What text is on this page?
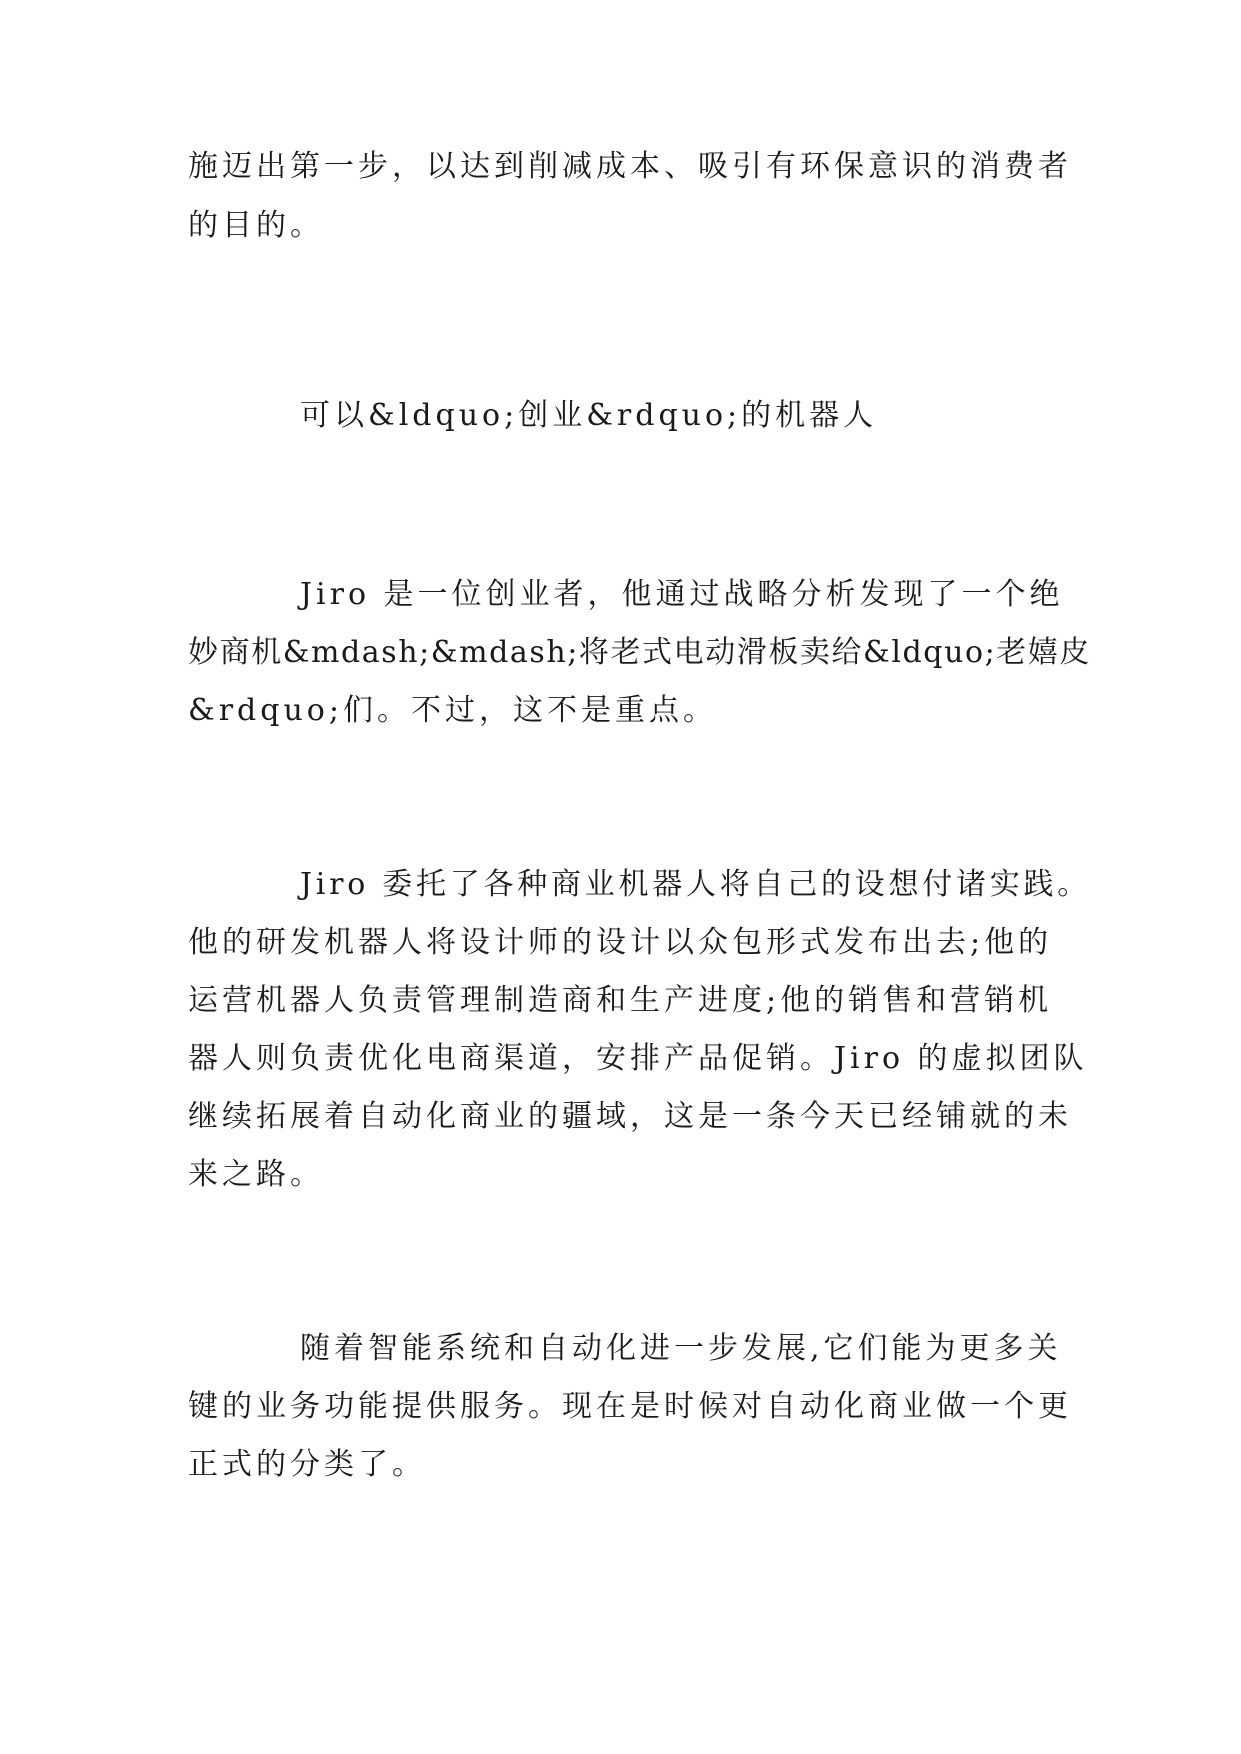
施迈出第一步，以达到削减成本、吸引有环保意识的消费者
的目的。
可以&ldquo;创业&rdquo;的机器人
Jiro 是一位创业者，他通过战略分析发现了一个绝
妙商机&mdash;&mdash;将老式电动滑板卖给&ldquo;老嬉皮
&rdquo;们。不过，这不是重点。
Jiro 委托了各种商业机器人将自己的设想付诸实践。
他的研发机器人将设计师的设计以众包形式发布出去;他的
运营机器人负责管理制造商和生产进度;他的销售和营销机
器人则负责优化电商渠道，安排产品促销。Jiro 的虚拟团队
继续拓展着自动化商业的疆域，这是一条今天已经铺就的未
来之路。
随着智能系统和自动化进一步发展,它们能为更多关
键的业务功能提供服务。现在是时候对自动化商业做一个更
正式的分类了。
